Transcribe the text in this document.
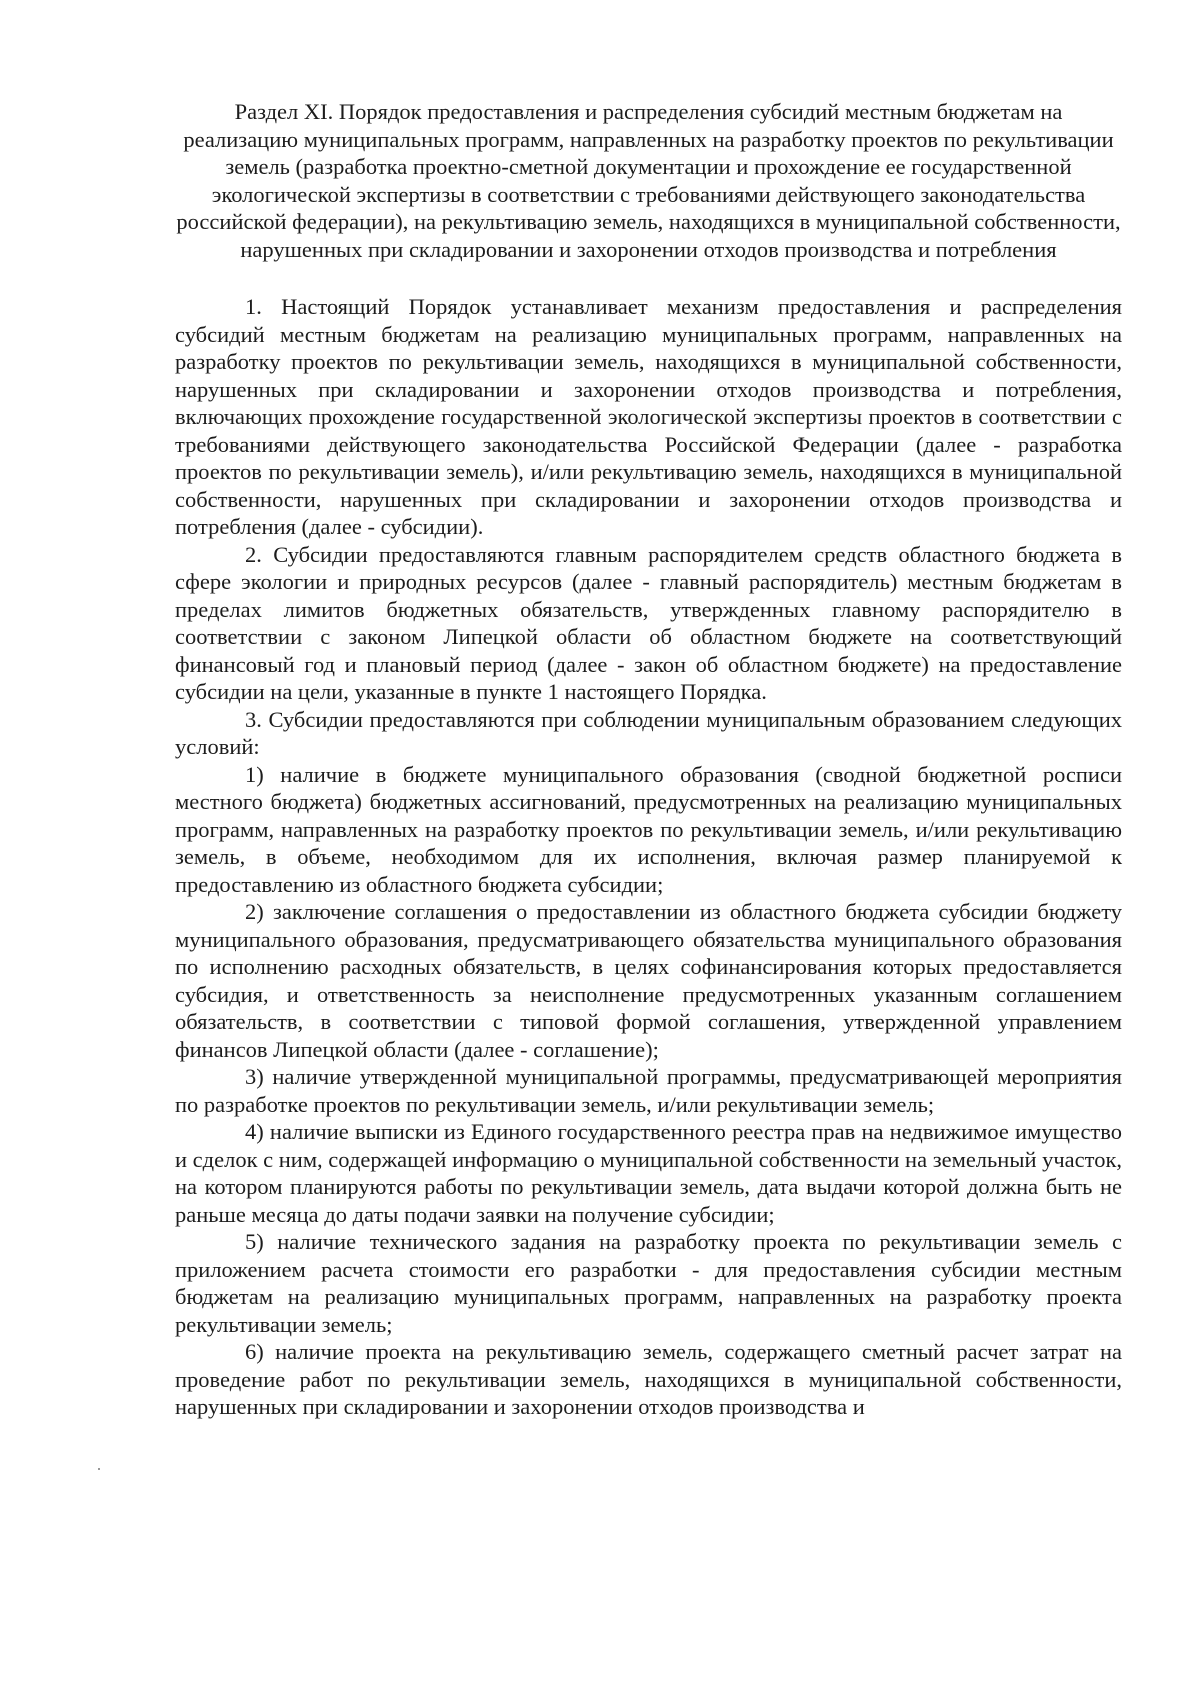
Раздел XI. Порядок предоставления и распределения субсидий местным бюджетам на реализацию муниципальных программ, направленных на разработку проектов по рекультивации земель (разработка проектно-сметной документации и прохождение ее государственной экологической экспертизы в соответствии с требованиями действующего законодательства российской федерации), на рекультивацию земель, находящихся в муниципальной собственности, нарушенных при складировании и захоронении отходов производства и потребления

1. Настоящий Порядок устанавливает механизм предоставления и распределения субсидий местным бюджетам на реализацию муниципальных программ, направленных на разработку проектов по рекультивации земель, находящихся в муниципальной собственности, нарушенных при складировании и захоронении отходов производства и потребления, включающих прохождение государственной экологической экспертизы проектов в соответствии с требованиями действующего законодательства Российской Федерации (далее - разработка проектов по рекультивации земель), и/или рекультивацию земель, находящихся в муниципальной собственности, нарушенных при складировании и захоронении отходов производства и потребления (далее - субсидии).

2. Субсидии предоставляются главным распорядителем средств областного бюджета в сфере экологии и природных ресурсов (далее - главный распорядитель) местным бюджетам в пределах лимитов бюджетных обязательств, утвержденных главному распорядителю в соответствии с законом Липецкой области об областном бюджете на соответствующий финансовый год и плановый период (далее - закон об областном бюджете) на предоставление субсидии на цели, указанные в пункте 1 настоящего Порядка.

3. Субсидии предоставляются при соблюдении муниципальным образованием следующих условий:

1) наличие в бюджете муниципального образования (сводной бюджетной росписи местного бюджета) бюджетных ассигнований, предусмотренных на реализацию муниципальных программ, направленных на разработку проектов по рекультивации земель, и/или рекультивацию земель, в объеме, необходимом для их исполнения, включая размер планируемой к предоставлению из областного бюджета субсидии;

2) заключение соглашения о предоставлении из областного бюджета субсидии бюджету муниципального образования, предусматривающего обязательства муниципального образования по исполнению расходных обязательств, в целях софинансирования которых предоставляется субсидия, и ответственность за неисполнение предусмотренных указанным соглашением обязательств, в соответствии с типовой формой соглашения, утвержденной управлением финансов Липецкой области (далее - соглашение);

3) наличие утвержденной муниципальной программы, предусматривающей мероприятия по разработке проектов по рекультивации земель, и/или рекультивации земель;

4) наличие выписки из Единого государственного реестра прав на недвижимое имущество и сделок с ним, содержащей информацию о муниципальной собственности на земельный участок, на котором планируются работы по рекультивации земель, дата выдачи которой должна быть не раньше месяца до даты подачи заявки на получение субсидии;

5) наличие технического задания на разработку проекта по рекультивации земель с приложением расчета стоимости его разработки - для предоставления субсидии местным бюджетам на реализацию муниципальных программ, направленных на разработку проекта рекультивации земель;

6) наличие проекта на рекультивацию земель, содержащего сметный расчет затрат на проведение работ по рекультивации земель, находящихся в муниципальной собственности, нарушенных при складировании и захоронении отходов производства и
